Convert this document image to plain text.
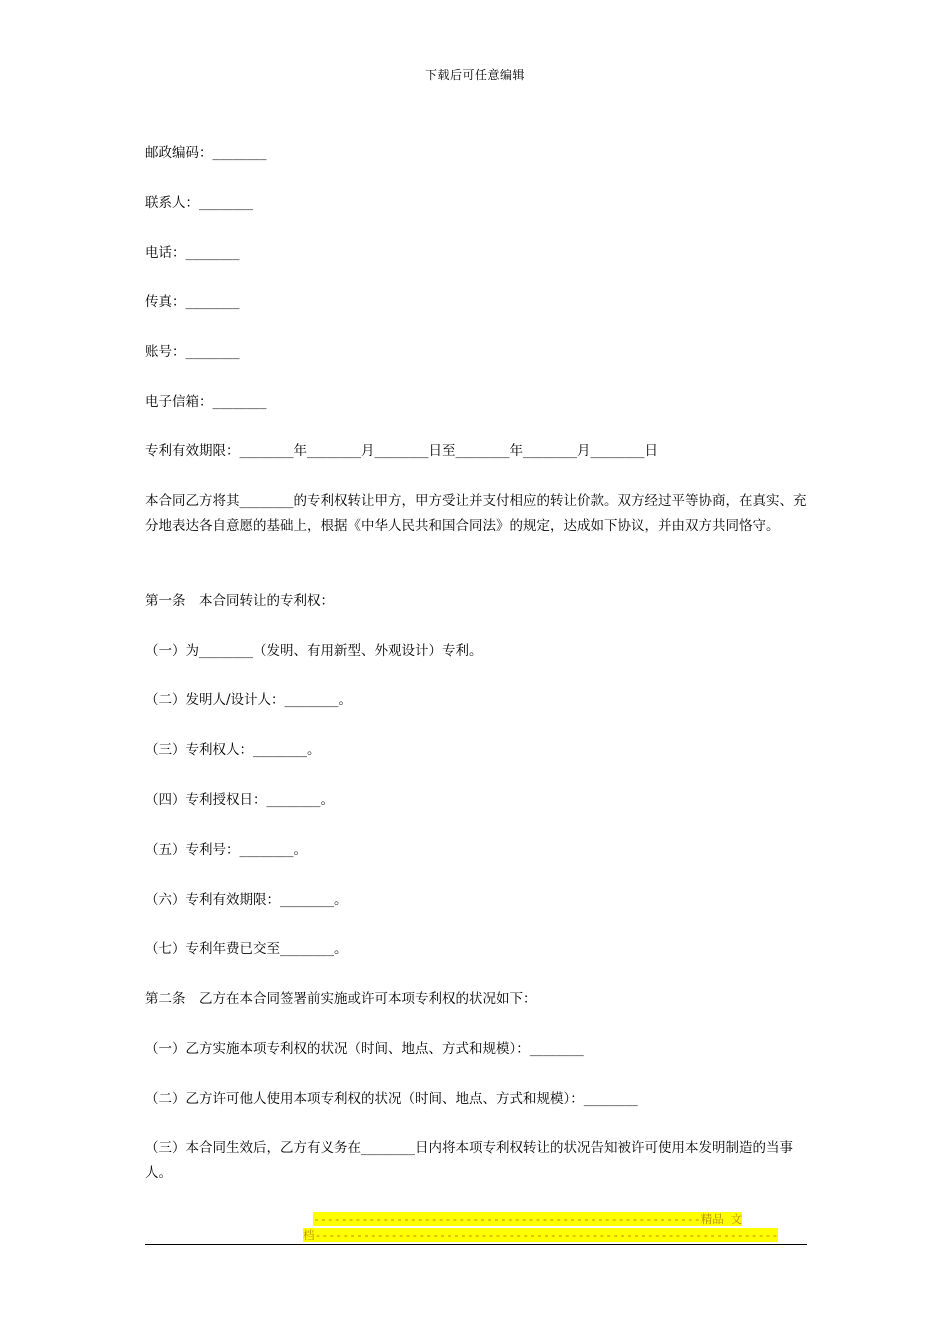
下载后可任意编辑
邮政编码：________
联系人：________
电话：________
传真：________
账号：________
电子信箱：________
专利有效期限：________年________月________日至________年________月________日
本合同乙方将其________的专利权转让甲方，甲方受让并支付相应的转让价款。双方经过平等协商，在真实、充分地表达各自意愿的基础上，根据《中华人民共和国合同法》的规定，达成如下协议，并由双方共同恪守。
第一条　本合同转让的专利权：
（一）为________（发明、有用新型、外观设计）专利。
（二）发明人/设计人：________。
（三）专利权人：________。
（四）专利授权日：________。
（五）专利号：________。
（六）专利有效期限：________。
（七）专利年费已交至________。
第二条　乙方在本合同签署前实施或许可本项专利权的状况如下：
（一）乙方实施本项专利权的状况（时间、地点、方式和规模）：________
（二）乙方许可他人使用本项专利权的状况（时间、地点、方式和规模）：________
（三）本合同生效后，乙方有义务在________日内将本项专利权转让的状况告知被许可使用本发明制造的当事人。
--------------------------------------------------------精品 文
档-------------------------------------------------------------------
